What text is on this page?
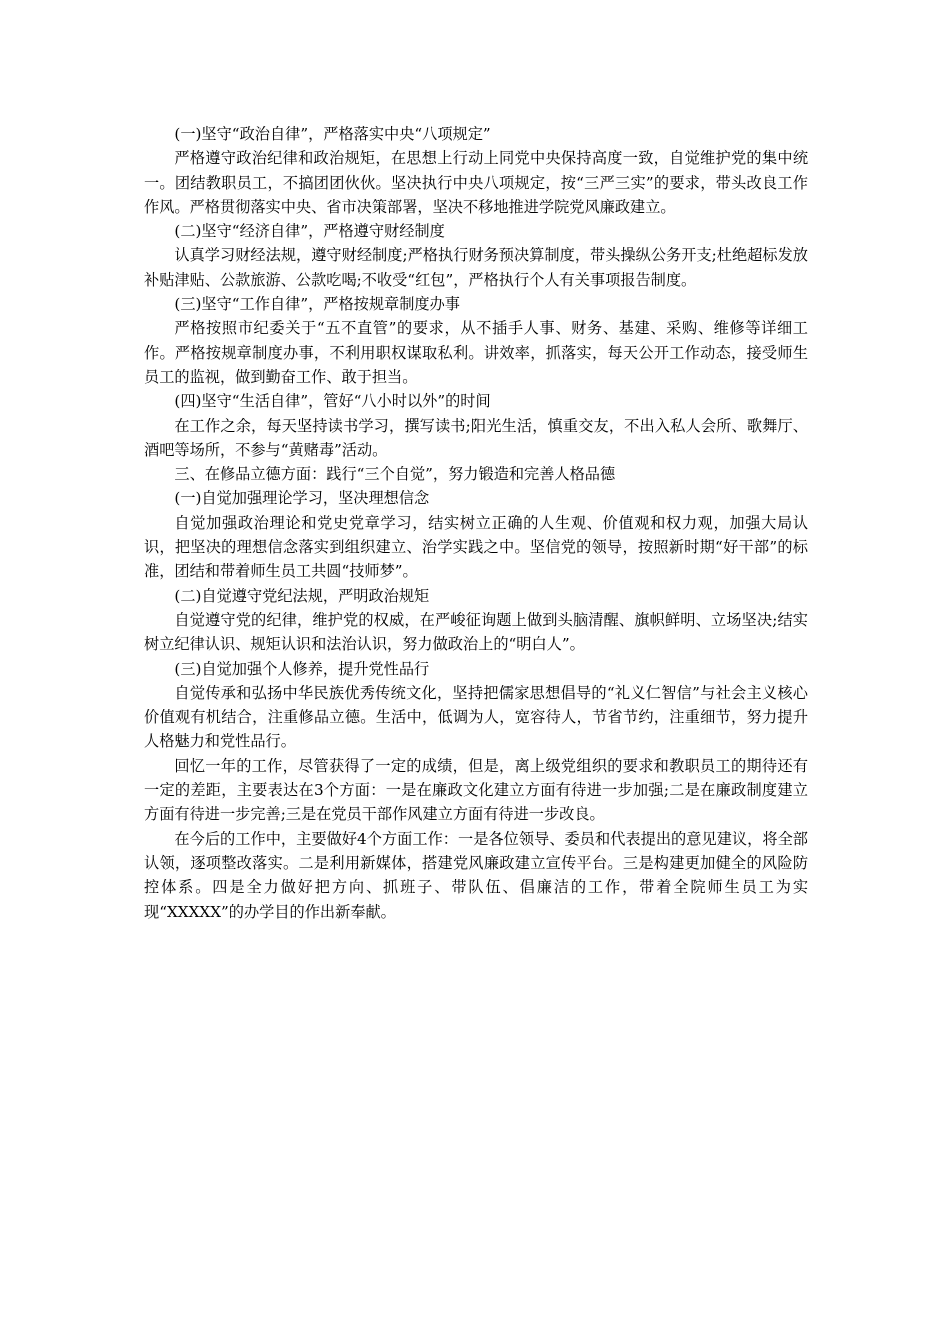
(一)坚守“政治自律”，严格落实中央“八项规定”

严格遵守政治纪律和政治规矩，在思想上行动上同党中央保持高度一致，自觉维护党的集中统一。团结教职员工，不搞团团伙伙。坚决执行中央八项规定，按“三严三实”的要求，带头改良工作作风。严格贯彻落实中央、省市决策部署，坚决不移地推进学院党风廉政建立。

(二)坚守“经济自律”，严格遵守财经制度

认真学习财经法规，遵守财经制度;严格执行财务预决算制度，带头操纵公务开支;杜绝超标发放补贴津贴、公款旅游、公款吃喝;不收受“红包”，严格执行个人有关事项报告制度。

(三)坚守“工作自律”，严格按规章制度办事

严格按照市纪委关于“五不直管”的要求，从不插手人事、财务、基建、采购、维修等详细工作。严格按规章制度办事，不利用职权谋取私利。讲效率，抓落实，每天公开工作动态，接受师生员工的监视，做到勤奋工作、敢于担当。

(四)坚守“生活自律”，管好“八小时以外”的时间

在工作之余，每天坚持读书学习，撰写读书;阳光生活，慎重交友，不出入私人会所、歌舞厅、酒吧等场所，不参与“黄赌毒”活动。

三、在修品立德方面：践行“三个自觉”，努力锻造和完善人格品德

(一)自觉加强理论学习，坚决理想信念

自觉加强政治理论和党史党章学习，结实树立正确的人生观、价值观和权力观，加强大局认识，把坚决的理想信念落实到组织建立、治学实践之中。坚信党的领导，按照新时期“好干部”的标准，团结和带着师生员工共圆“技师梦”。

(二)自觉遵守党纪法规，严明政治规矩

自觉遵守党的纪律，维护党的权威，在严峻征询题上做到头脑清醒、旗帜鲜明、立场坚决;结实树立纪律认识、规矩认识和法治认识，努力做政治上的“明白人”。

(三)自觉加强个人修养，提升党性品行

自觉传承和弘扬中华民族优秀传统文化，坚持把儒家思想倡导的“礼义仁智信”与社会主义核心价值观有机结合，注重修品立德。生活中，低调为人，宽容待人，节省节约，注重细节，努力提升人格魅力和党性品行。

回忆一年的工作，尽管获得了一定的成绩，但是，离上级党组织的要求和教职员工的期待还有一定的差距，主要表达在3个方面：一是在廉政文化建立方面有待进一步加强;二是在廉政制度建立方面有待进一步完善;三是在党员干部作风建立方面有待进一步改良。

在今后的工作中，主要做好4个方面工作：一是各位领导、委员和代表提出的意见建议，将全部认领，逐项整改落实。二是利用新媒体，搭建党风廉政建立宣传平台。三是构建更加健全的风险防控体系。四是全力做好把方向、抓班子、带队伍、倡廉洁的工作，带着全院师生员工为实现“XXXXX”的办学目的作出新奉献。
